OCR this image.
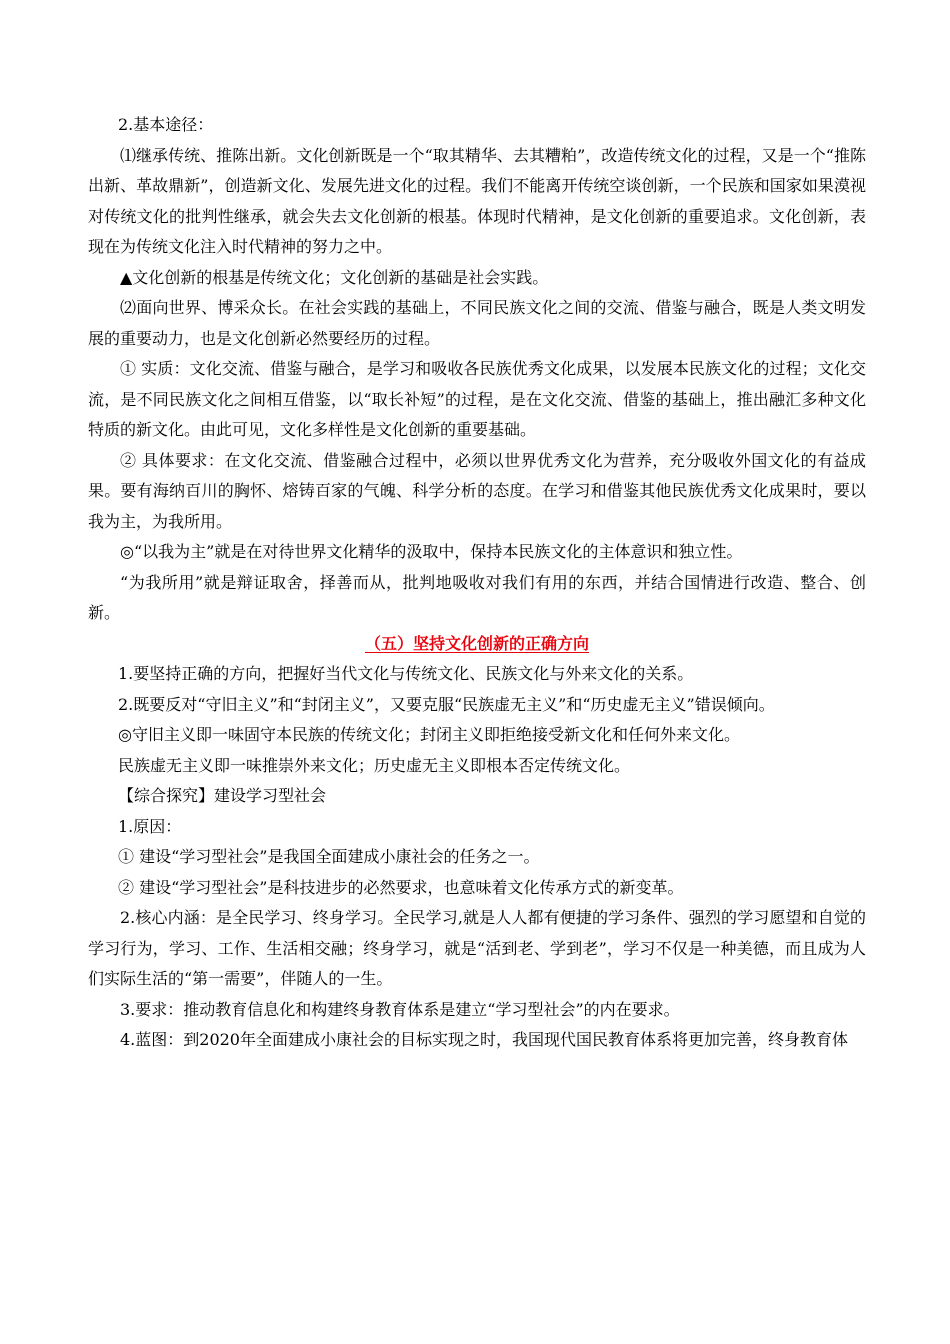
2.基本途径：

⑴继承传统、推陈出新。文化创新既是一个“取其精华、去其糟粕”，改造传统文化的过程，又是一个“推陈出新、革故鼎新”，创造新文化、发展先进文化的过程。我们不能离开传统空谈创新，一个民族和国家如果漠视对传统文化的批判性继承，就会失去文化创新的根基。体现时代精神，是文化创新的重要追求。文化创新，表现在为传统文化注入时代精神的努力之中。

▲文化创新的根基是传统文化；文化创新的基础是社会实践。

⑵面向世界、博采众长。在社会实践的基础上，不同民族文化之间的交流、借鉴与融合，既是人类文明发展的重要动力，也是文化创新必然要经历的过程。

① 实质：文化交流、借鉴与融合，是学习和吸收各民族优秀文化成果，以发展本民族文化的过程；文化交流，是不同民族文化之间相互借鉴，以“取长补短”的过程，是在文化交流、借鉴的基础上，推出融汇多种文化特质的新文化。由此可见，文化多样性是文化创新的重要基础。

② 具体要求：在文化交流、借鉴融合过程中，必须以世界优秀文化为营养，充分吸收外国文化的有益成果。要有海纳百川的胸怀、熔铸百家的气魄、科学分析的态度。在学习和借鉴其他民族优秀文化成果时，要以我为主，为我所用。

◎“以我为主”就是在对待世界文化精华的汲取中，保持本民族文化的主体意识和独立性。

“为我所用”就是辩证取舍，择善而从，批判地吸收对我们有用的东西，并结合国情进行改造、整合、创新。

（五）坚持文化创新的正确方向

1.要坚持正确的方向，把握好当代文化与传统文化、民族文化与外来文化的关系。

2.既要反对“守旧主义”和“封闭主义”，又要克服“民族虚无主义”和“历史虚无主义”错误倾向。

◎守旧主义即一味固守本民族的传统文化；封闭主义即拒绝接受新文化和任何外来文化。

民族虚无主义即一味推崇外来文化；历史虚无主义即根本否定传统文化。

【综合探究】建设学习型社会

1.原因：

① 建设“学习型社会”是我国全面建成小康社会的任务之一。

② 建设“学习型社会”是科技进步的必然要求，也意味着文化传承方式的新变革。

2.核心内涵：是全民学习、终身学习。全民学习,就是人人都有便捷的学习条件、强烈的学习愿望和自觉的学习行为，学习、工作、生活相交融；终身学习，就是“活到老、学到老”，学习不仅是一种美德，而且成为人们实际生活的“第一需要”，伴随人的一生。

3.要求：推动教育信息化和构建终身教育体系是建立“学习型社会”的内在要求。

4.蓝图：到2020年全面建成小康社会的目标实现之时，我国现代国民教育体系将更加完善，终身教育体
